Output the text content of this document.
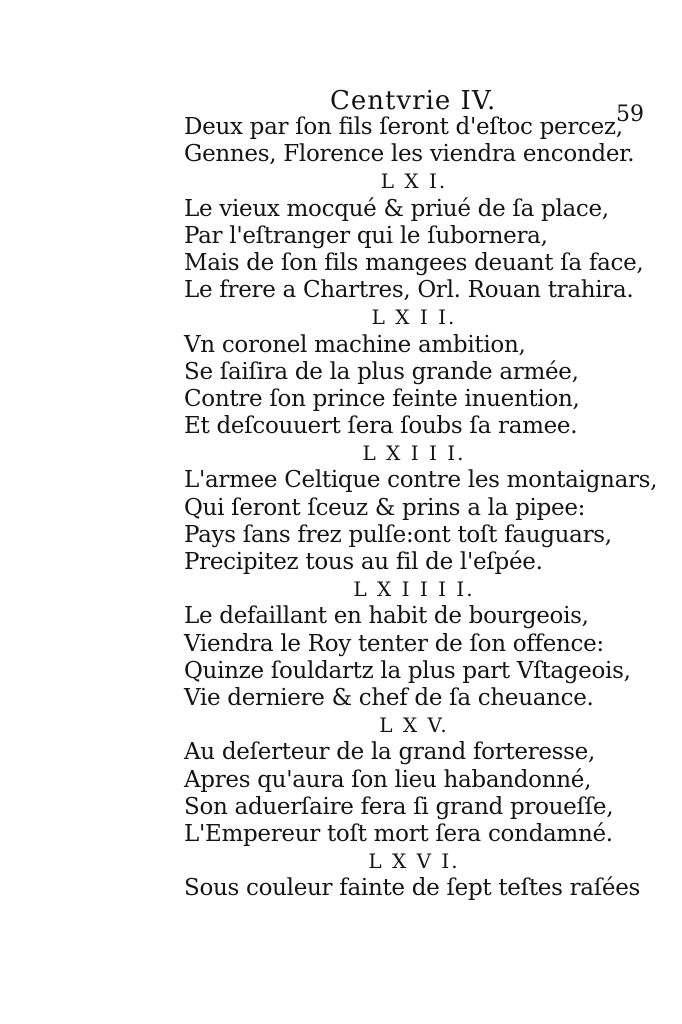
Centvrie IV.	59
Deux par ſon fils ſeront d'eſtoc percez,
Gennes, Florence les viendra enconder.
L X I.
Le vieux mocqué & priué de ſa place,
Par l'eſtranger qui le ſubornera,
Mais de ſon fils mangees deuant ſa face,
Le frere a Chartres, Orl. Rouan trahira.
L X I I.
Vn coronel machine ambition,
Se ſaiſira de la plus grande armée,
Contre ſon prince feinte inuention,
Et deſcouuert ſera ſoubs ſa ramee.
L X I I I.
L'armee Celtique contre les montaignars,
Qui ſeront ſceuz & prins a la pipee:
Pays ſans frez pulſe:ont toſt fauguars,
Precipitez tous au fil de l'eſpée.
L X I I I I.
Le defaillant en habit de bourgeois,
Viendra le Roy tenter de ſon offence:
Quinze ſouldartz la plus part Vſtageois,
Vie derniere & chef de ſa cheuance.
L X V.
Au deſerteur de la grand forteresse,
Apres qu'aura ſon lieu habandonné,
Son aduerſaire fera ſi grand proueſſe,
L'Empereur toſt mort ſera condamné.
L X V I.
Sous couleur fainte de ſept teſtes raſées
